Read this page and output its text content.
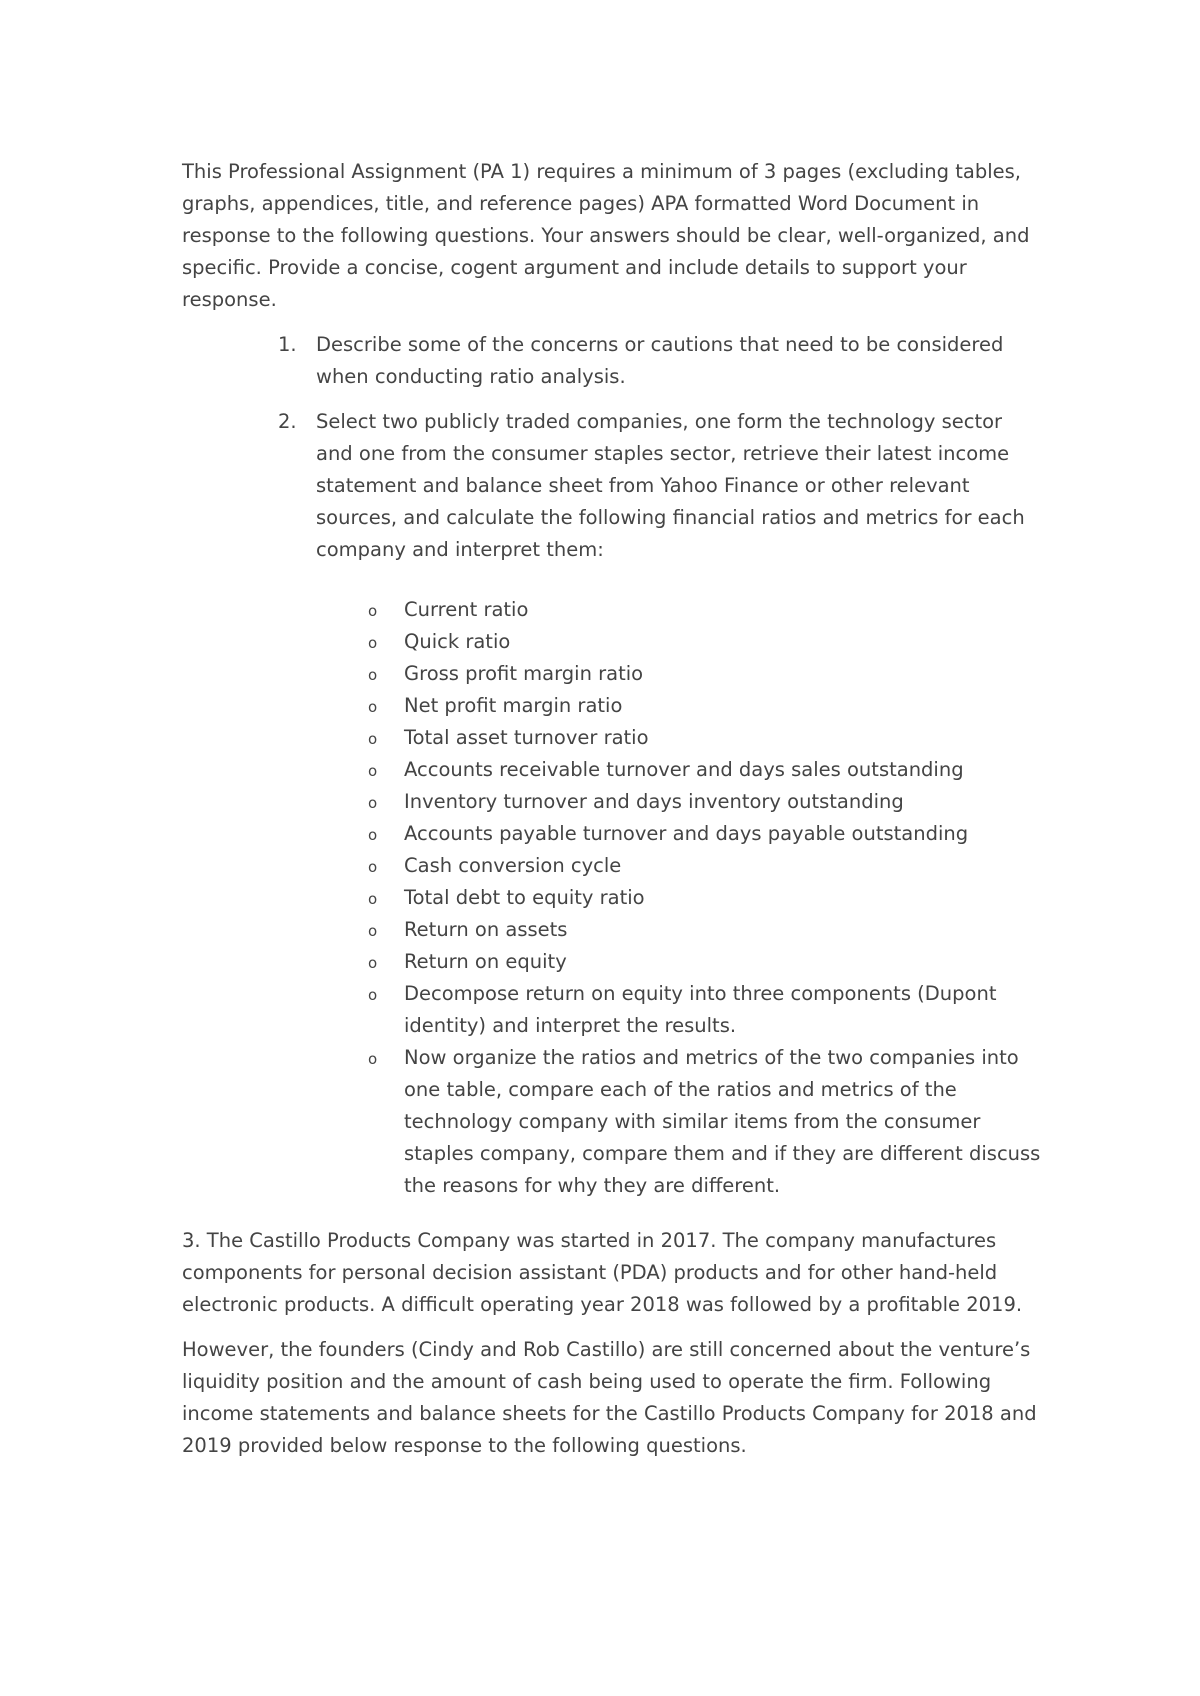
This Professional Assignment (PA 1) requires a minimum of 3 pages (excluding tables, graphs, appendices, title, and reference pages) APA formatted Word Document in response to the following questions. Your answers should be clear, well-organized, and specific. Provide a concise, cogent argument and include details to support your response.

1. Describe some of the concerns or cautions that need to be considered when conducting ratio analysis.
2. Select two publicly traded companies, one form the technology sector and one from the consumer staples sector, retrieve their latest income statement and balance sheet from Yahoo Finance or other relevant sources, and calculate the following financial ratios and metrics for each company and interpret them:
o Current ratio
o Quick ratio
o Gross profit margin ratio
o Net profit margin ratio
o Total asset turnover ratio
o Accounts receivable turnover and days sales outstanding
o Inventory turnover and days inventory outstanding
o Accounts payable turnover and days payable outstanding
o Cash conversion cycle
o Total debt to equity ratio
o Return on assets
o Return on equity
o Decompose return on equity into three components (Dupont identity) and interpret the results.
o Now organize the ratios and metrics of the two companies into one table, compare each of the ratios and metrics of the technology company with similar items from the consumer staples company, compare them and if they are different discuss the reasons for why they are different.

3. The Castillo Products Company was started in 2017. The company manufactures components for personal decision assistant (PDA) products and for other hand-held electronic products. A difficult operating year 2018 was followed by a profitable 2019.

However, the founders (Cindy and Rob Castillo) are still concerned about the venture’s liquidity position and the amount of cash being used to operate the firm. Following income statements and balance sheets for the Castillo Products Company for 2018 and 2019 provided below response to the following questions.
